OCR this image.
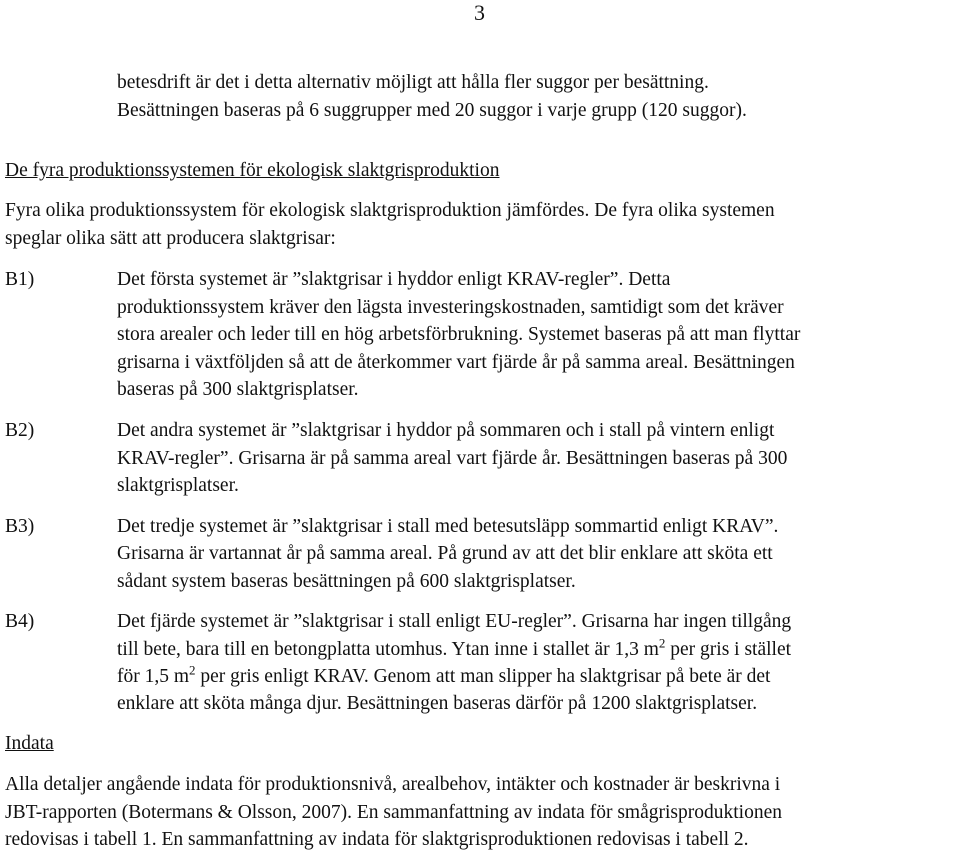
3
betesdrift är det i detta alternativ möjligt att hålla fler suggor per besättning.
Besättningen baseras på 6 suggrupper med 20 suggor i varje grupp (120 suggor).
De fyra produktionssystemen för ekologisk slaktgrisproduktion
Fyra olika produktionssystem för ekologisk slaktgrisproduktion jämfördes. De fyra olika systemen
speglar olika sätt att producera slaktgrisar:
B1)	Det första systemet är ”slaktgrisar i hyddor enligt KRAV-regler”. Detta
produktionssystem kräver den lägsta investeringskostnaden, samtidigt som det kräver
stora arealer och leder till en hög arbetsförbrukning. Systemet baseras på att man flyttar
grisarna i växtföljden så att de återkommer vart fjärde år på samma areal. Besättningen
baseras på 300 slaktgrisplatser.
B2)	Det andra systemet är ”slaktgrisar i hyddor på sommaren och i stall på vintern enligt
KRAV-regler”. Grisarna är på samma areal vart fjärde år. Besättningen baseras på 300
slaktgrisplatser.
B3)	Det tredje systemet är ”slaktgrisar i stall med betesutsläpp sommartid enligt KRAV”.
Grisarna är vartannat år på samma areal. På grund av att det blir enklare att sköta ett
sådant system baseras besättningen på 600 slaktgrisplatser.
B4)	Det fjärde systemet är ”slaktgrisar i stall enligt EU-regler”. Grisarna har ingen tillgång
till bete, bara till en betongplatta utomhus. Ytan inne i stallet är 1,3 $m^2$ per gris i stället
för 1,5 $m^2$ per gris enligt KRAV. Genom att man slipper ha slaktgrisar på bete är det
enklare att sköta många djur. Besättningen baseras därför på 1200 slaktgrisplatser.
Indata
Alla detaljer angående indata för produktionsnivå, arealbehov, intäkter och kostnader är beskrivna i
JBT-rapporten (Botermans & Olsson, 2007). En sammanfattning av indata för smågrisproduktionen
redovisas i tabell 1. En sammanfattning av indata för slaktgrisproduktionen redovisas i tabell 2.
